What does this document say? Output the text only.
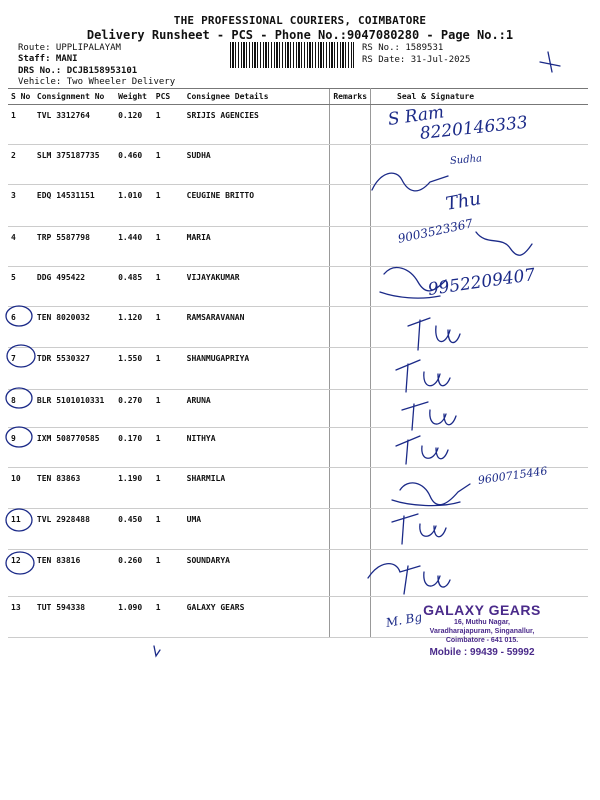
THE PROFESSIONAL COURIERS, COIMBATORE
Delivery Runsheet - PCS - Phone No.:9047080280 - Page No.:1
Route: UPPLIPALAYAM
Staff: MANI
DRS No.: DCJB158953101
Vehicle: Two Wheeler Delivery
RS No.: 1589531
RS Date: 31-Jul-2025
S No	Consignment No	Weight	PCS	Consignee Details	Remarks	Seal & Signature
1	TVL 3312764	0.120	1	SRIJIS AGENCIES		
2	SLM 375187735	0.460	1	SUDHA		
3	EDQ 14531151	1.010	1	CEUGINE BRITTO		
4	TRP 5587798	1.440	1	MARIA		
5	DDG 495422	0.485	1	VIJAYAKUMAR		
6	TEN 8020032	1.120	1	RAMSARAVANAN		
7	TDR 5530327	1.550	1	SHANMUGAPRIYA		
8	BLR 5101010331	0.270	1	ARUNA		
9	IXM 508770585	0.170	1	NITHYA		
10	TEN 83863	1.190	1	SHARMILA		
11	TVL 2928488	0.450	1	UMA		
12	TEN 83816	0.260	1	SOUNDARYA		
13	TUT 594338	1.090	1	GALAXY GEARS		
S Ram
8220146333
Sudha
Thu
9003523367
9952209407
9600715446
M. Bg GALAXY GEARS
16, Muthu Nagar,
Varadharajapuram, Singanallur,
Coimbatore - 641 015.
Mobile : 99439 - 59992
